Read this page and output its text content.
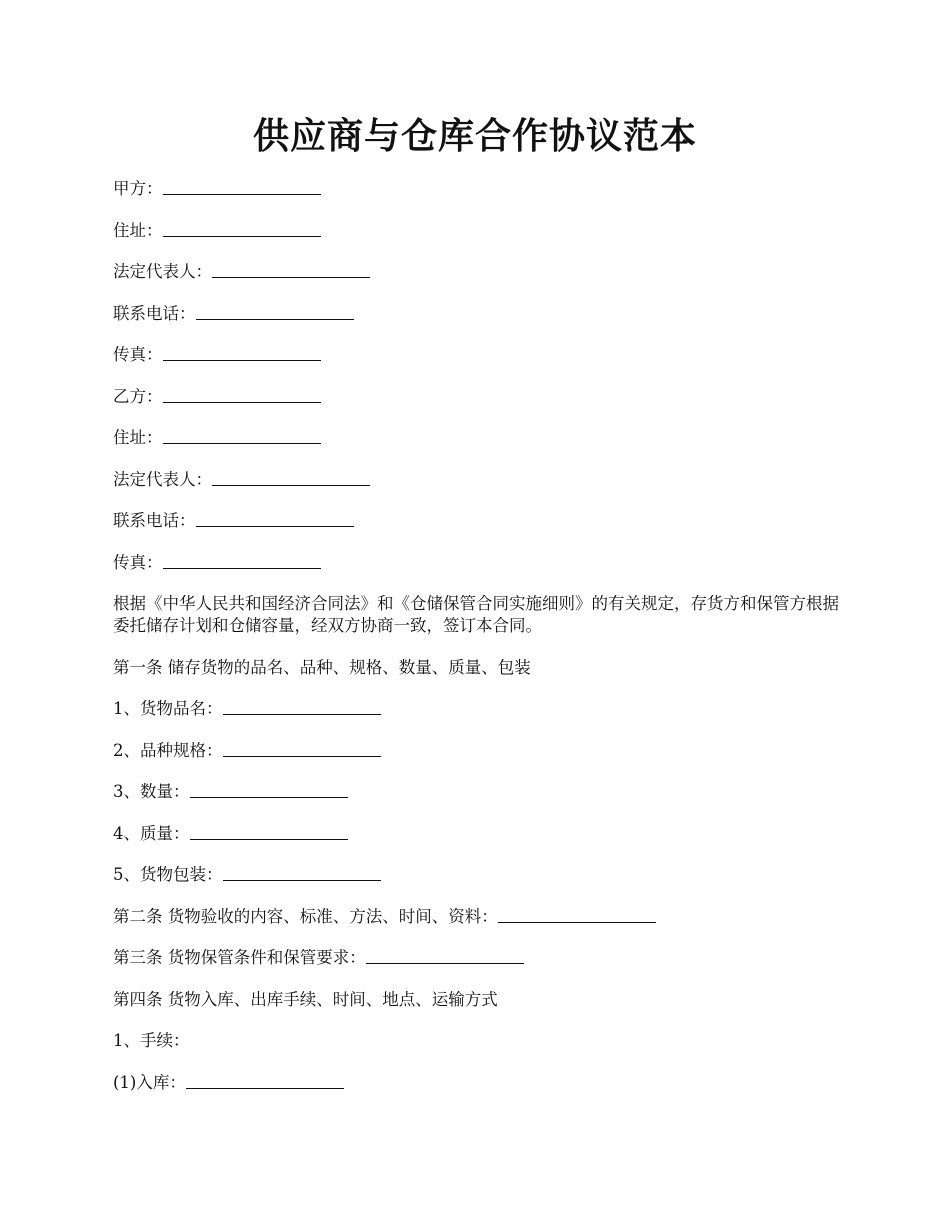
供应商与仓库合作协议范本
甲方：
住址：
法定代表人：
联系电话：
传真：
乙方：
住址：
法定代表人：
联系电话：
传真：
根据《中华人民共和国经济合同法》和《仓储保管合同实施细则》的有关规定，存货方和保管方根据委托储存计划和仓储容量，经双方协商一致，签订本合同。
第一条 储存货物的品名、品种、规格、数量、质量、包装
1、货物品名：
2、品种规格：
3、数量：
4、质量：
5、货物包装：
第二条 货物验收的内容、标准、方法、时间、资料：
第三条 货物保管条件和保管要求：
第四条 货物入库、出库手续、时间、地点、运输方式
1、手续：
(1)入库：
